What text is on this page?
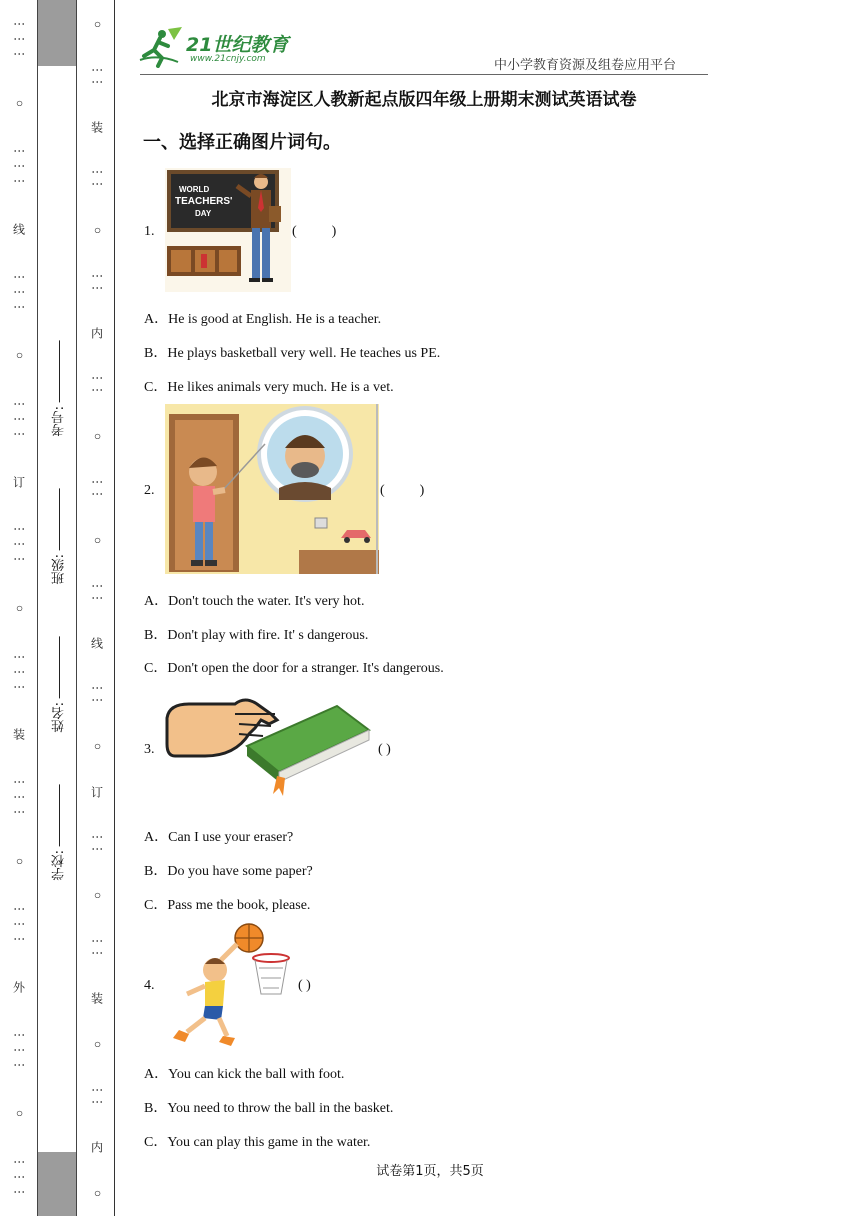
⋮ ⋮ ⋮
○
⋮ ⋮ ⋮
线
⋮ ⋮ ⋮
○
⋮ ⋮ ⋮
订
⋮ ⋮ ⋮
○
⋮ ⋮ ⋮
装
⋮ ⋮ ⋮
○
⋮ ⋮ ⋮
外
⋮ ⋮ ⋮
○
⋮ ⋮ ⋮
学校:
姓名:
班级:
考号:
○
⋮⋮
装
⋮⋮
○
⋮⋮
内
⋮⋮
○
⋮⋮
○
⋮⋮
线
⋮⋮
○
订
⋮⋮
○
⋮⋮
装
○
⋮⋮
内
○
21世纪教育
www.21cnjy.com	中小学教育资源及组卷应用平台
北京市海淀区人教新起点版四年级上册期末测试英语试卷
一、选择正确图片词句。
1.
WORLD
TEACHERS'
DAY
(          )
A．He is good at English. He is a teacher.
B．He plays basketball very well. He teaches us PE.
C．He likes animals very much. He is a vet.
2.	(          )
A．Don't touch the water. It's very hot.
B．Don't play with fire. It' s dangerous.
C．Don't open the door for a stranger. It's dangerous.
3.	( )
A．Can I use your eraser?
B．Do you have some paper?
C．Pass me the book, please.
4.	( )
A．You can kick the ball with foot.
B．You need to throw the ball in the basket.
C．You can play this game in the water.
试卷第1页，共5页
